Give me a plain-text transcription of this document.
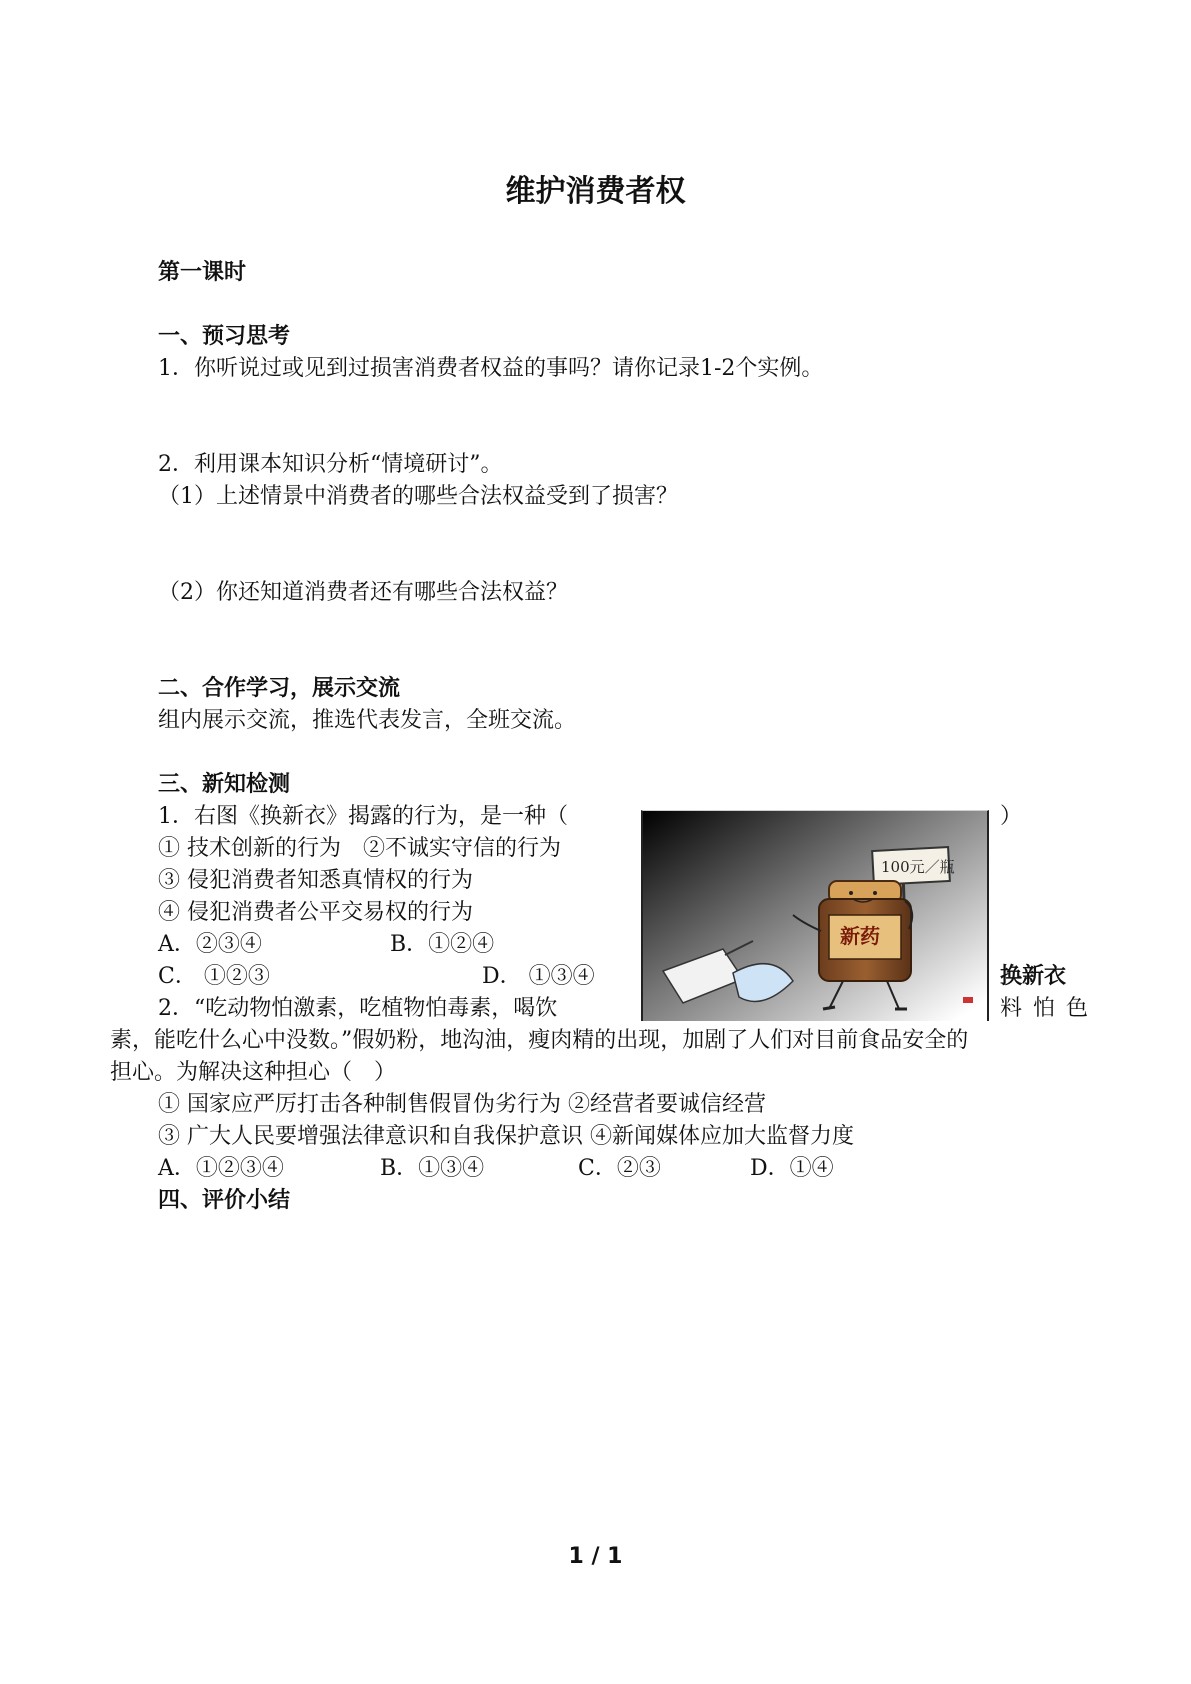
维护消费者权
第一课时
一、预习思考
1．你听说过或见到过损害消费者权益的事吗？请你记录1-2个实例。
2．利用课本知识分析“情境研讨”。
（1）上述情景中消费者的哪些合法权益受到了损害？
（2）你还知道消费者还有哪些合法权益？
二、合作学习，展示交流
组内展示交流，推选代表发言，全班交流。
三、新知检测
1．右图《换新衣》揭露的行为，是一种（	）
① 技术创新的行为　②不诚实守信的行为
③ 侵犯消费者知悉真情权的行为
④ 侵犯消费者公平交易权的行为
A．②③④	B．①②④
C． ①②③	D． ①③④
100元／瓶
新药
换新衣
2．“吃动物怕激素，吃植物怕毒素，喝饮	料 怕 色
素，能吃什么心中没数。”假奶粉，地沟油，瘦肉精的出现，加剧了人们对目前食品安全的
担心。为解决这种担心（　）
① 国家应严厉打击各种制售假冒伪劣行为 ②经营者要诚信经营
③ 广大人民要增强法律意识和自我保护意识 ④新闻媒体应加大监督力度
A．①②③④	B．①③④	C．②③	D．①④
四、评价小结
1 / 1
